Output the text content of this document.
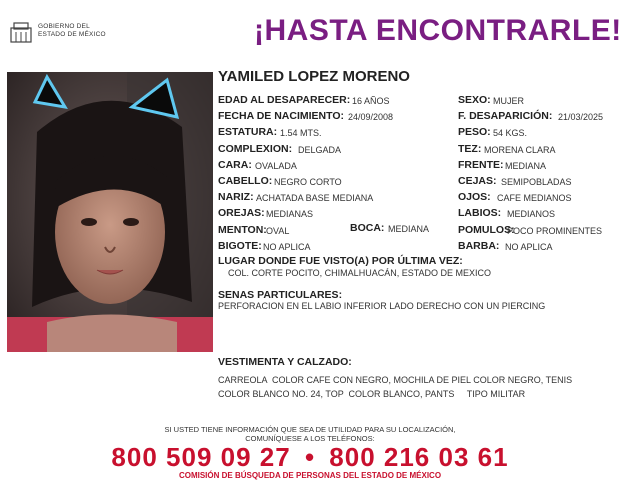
GOBIERNO DEL
ESTADO DE MÉXICO	¡HASTA ENCONTRARLE!
YAMILED LOPEZ MORENO
EDAD AL DESAPARECER: 16 AÑOS
FECHA DE NACIMIENTO: 24/09/2008
ESTATURA: 1.54 MTS.
COMPLEXION: DELGADA
CARA: OVALADA
CABELLO: NEGRO CORTO
NARIZ: ACHATADA BASE MEDIANA
OREJAS: MEDIANAS
MENTON: OVAL
BIGOTE: NO APLICA
SEXO: MUJER
F. DESAPARICIÓN: 21/03/2025
PESO: 54 KGS.
TEZ: MORENA CLARA
FRENTE: MEDIANA
CEJAS: SEMIPOBLADAS
OJOS: CAFE MEDIANOS
LABIOS: MEDIANOS
POMULOS:
POCO PROMINENTES
BARBA: NO APLICA
BOCA: MEDIANA
LUGAR DONDE FUE VISTO(A) POR ÚLTIMA VEZ:
COL. CORTE POCITO, CHIMALHUACÁN, ESTADO DE MEXICO
SENAS PARTICULARES:
PERFORACION EN EL LABIO INFERIOR LADO DERECHO CON UN PIERCING
VESTIMENTA Y CALZADO:
CARREOLA  COLOR CAFE CON NEGRO, MOCHILA DE PIEL COLOR NEGRO, TENIS
COLOR BLANCO NO. 24, TOP  COLOR BLANCO, PANTS     TIPO MILITAR
SI USTED TIENE INFORMACIÓN QUE SEA DE UTILIDAD PARA SU LOCALIZACIÓN,
COMUNÍQUESE A LOS TELÉFONOS:
800 509 09 27 • 800 216 03 61
COMISIÓN DE BÚSQUEDA DE PERSONAS DEL ESTADO DE MÉXICO
